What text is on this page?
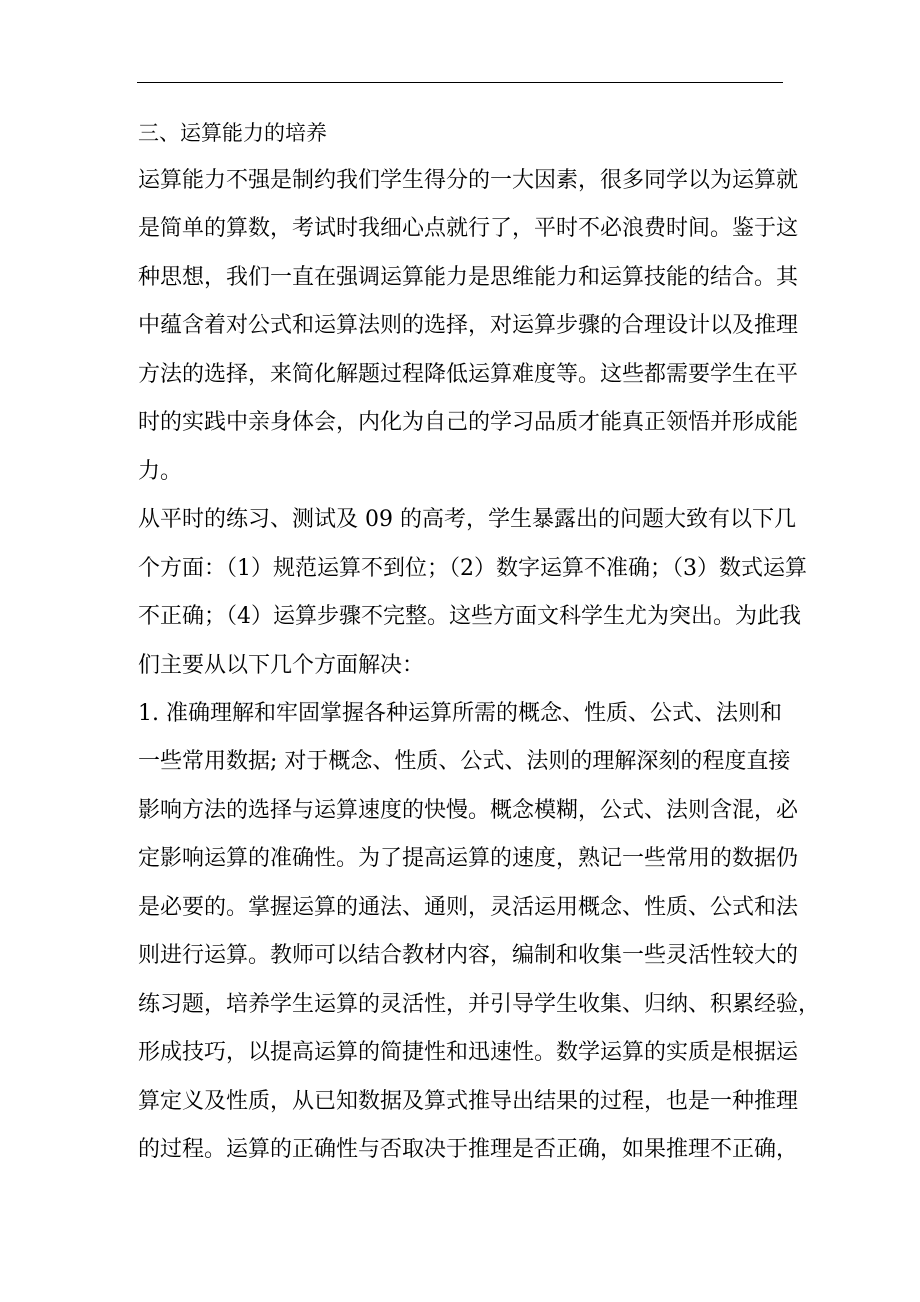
三、运算能力的培养
运算能力不强是制约我们学生得分的一大因素，很多同学以为运算就
是简单的算数，考试时我细心点就行了，平时不必浪费时间。鉴于这
种思想，我们一直在强调运算能力是思维能力和运算技能的结合。其
中蕴含着对公式和运算法则的选择，对运算步骤的合理设计以及推理
方法的选择，来简化解题过程降低运算难度等。这些都需要学生在平
时的实践中亲身体会，内化为自己的学习品质才能真正领悟并形成能
力。
从平时的练习、测试及 09 的高考，学生暴露出的问题大致有以下几
个方面：（1）规范运算不到位；（2）数字运算不准确；（3）数式运算
不正确；（4）运算步骤不完整。这些方面文科学生尤为突出。为此我
们主要从以下几个方面解决：
1. 准确理解和牢固掌握各种运算所需的概念、性质、公式、法则和
一些常用数据; 对于概念、性质、公式、法则的理解深刻的程度直接
影响方法的选择与运算速度的快慢。概念模糊，公式、法则含混，必
定影响运算的准确性。为了提高运算的速度，熟记一些常用的数据仍
是必要的。掌握运算的通法、通则，灵活运用概念、性质、公式和法
则进行运算。教师可以结合教材内容，编制和收集一些灵活性较大的
练习题，培养学生运算的灵活性，并引导学生收集、归纳、积累经验，
形成技巧，以提高运算的简捷性和迅速性。数学运算的实质是根据运
算定义及性质，从已知数据及算式推导出结果的过程，也是一种推理
的过程。运算的正确性与否取决于推理是否正确，如果推理不正确，
